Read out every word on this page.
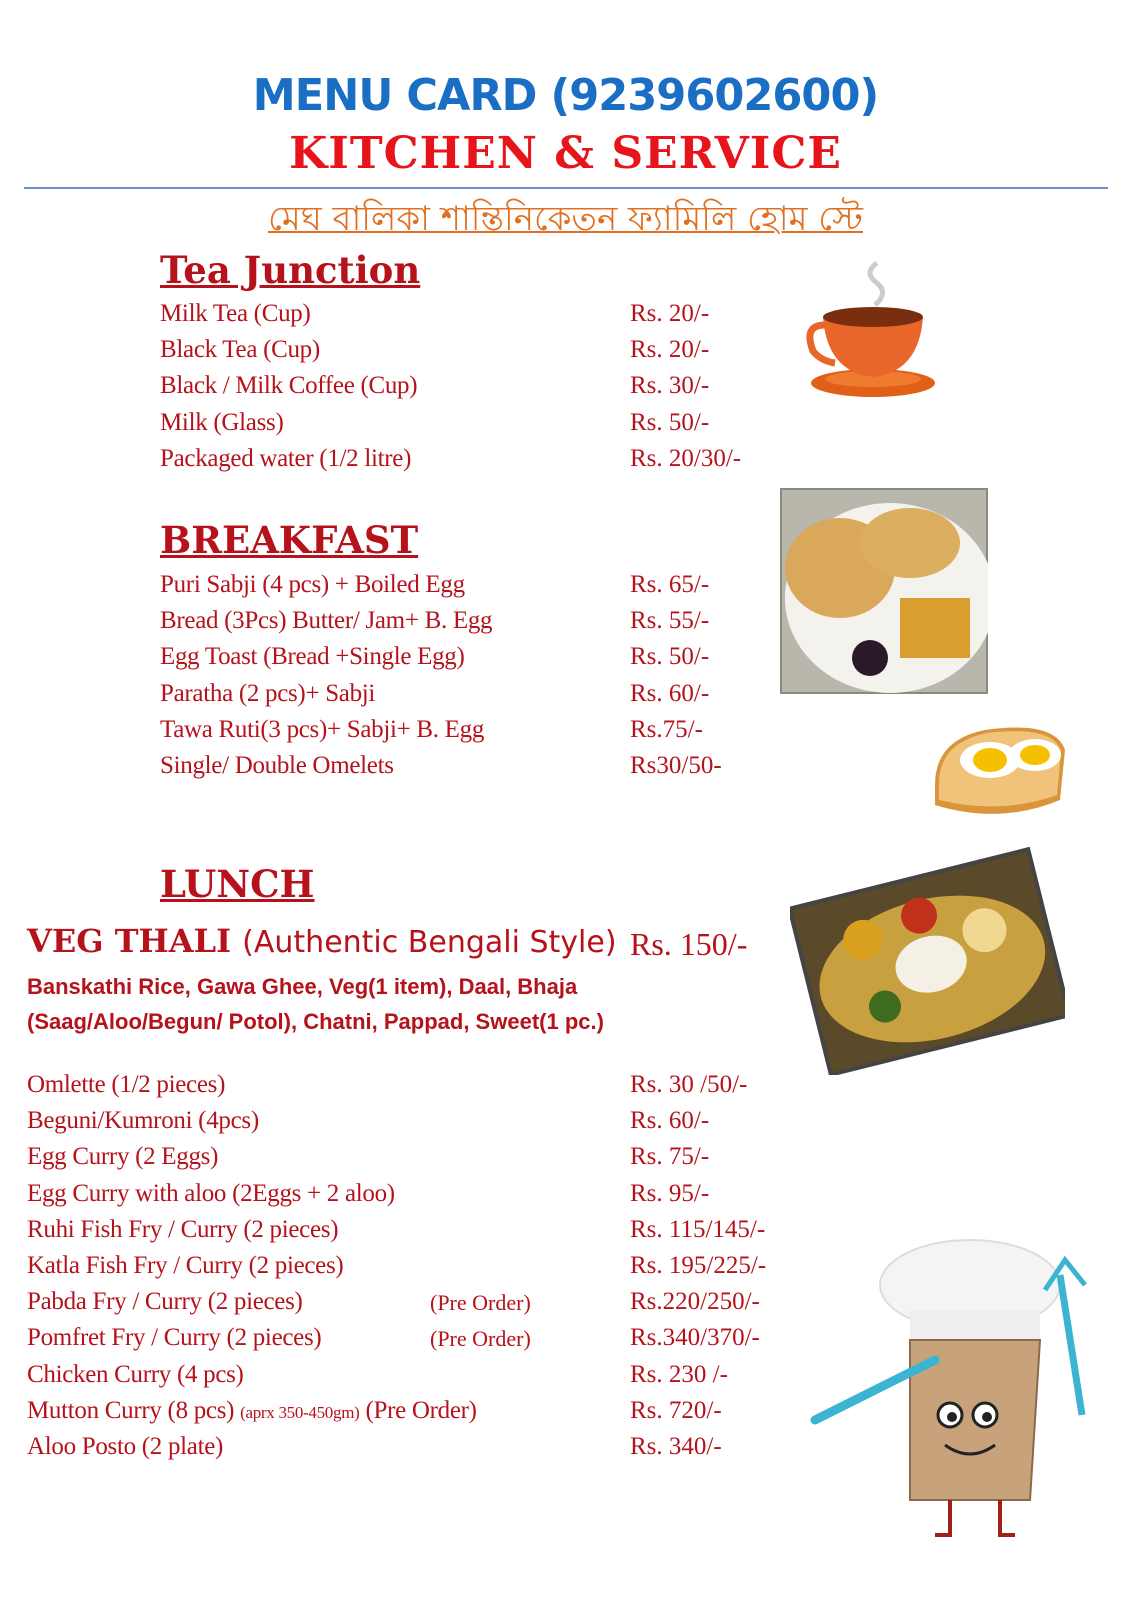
MENU CARD (9239602600)
KITCHEN & SERVICE
মেঘ বালিকা শান্তিনিকেতন ফ্যামিলি হোম স্টে
Tea Junction
Milk Tea (Cup)	Rs. 20/-
Black Tea (Cup)	Rs. 20/-
Black / Milk Coffee (Cup)	Rs. 30/-
Milk (Glass)	Rs. 50/-
Packaged water (1/2 litre)	Rs. 20/30/-
BREAKFAST
Puri Sabji (4 pcs) + Boiled Egg	Rs. 65/-
Bread (3Pcs) Butter/ Jam+ B. Egg	Rs. 55/-
Egg Toast (Bread +Single Egg)	Rs. 50/-
Paratha (2 pcs)+ Sabji	Rs. 60/-
Tawa Ruti(3 pcs)+ Sabji+ B. Egg	Rs.75/-
Single/ Double Omelets	Rs30/50-
LUNCH
VEG THALI (Authentic Bengali Style) Rs. 150/-
Banskathi Rice, Gawa Ghee, Veg(1 item), Daal, Bhaja
(Saag/Aloo/Begun/ Potol), Chatni, Pappad, Sweet(1 pc.)
Omlette (1/2 pieces)	Rs. 30 /50/-
Beguni/Kumroni (4pcs)	Rs. 60/-
Egg Curry (2 Eggs)	Rs. 75/-
Egg Curry with aloo (2Eggs + 2 aloo)	Rs. 95/-
Ruhi Fish Fry / Curry (2 pieces)	Rs. 115/145/-
Katla Fish Fry / Curry (2 pieces)	Rs. 195/225/-
Pabda Fry / Curry (2 pieces)	(Pre Order)	Rs.220/250/-
Pomfret Fry / Curry (2 pieces)	(Pre Order)	Rs.340/370/-
Chicken Curry (4 pcs)	Rs. 230 /-
Mutton Curry (8 pcs) (aprx 350-450gm) (Pre Order)	Rs. 720/-
Aloo Posto (2 plate)	Rs. 340/-
